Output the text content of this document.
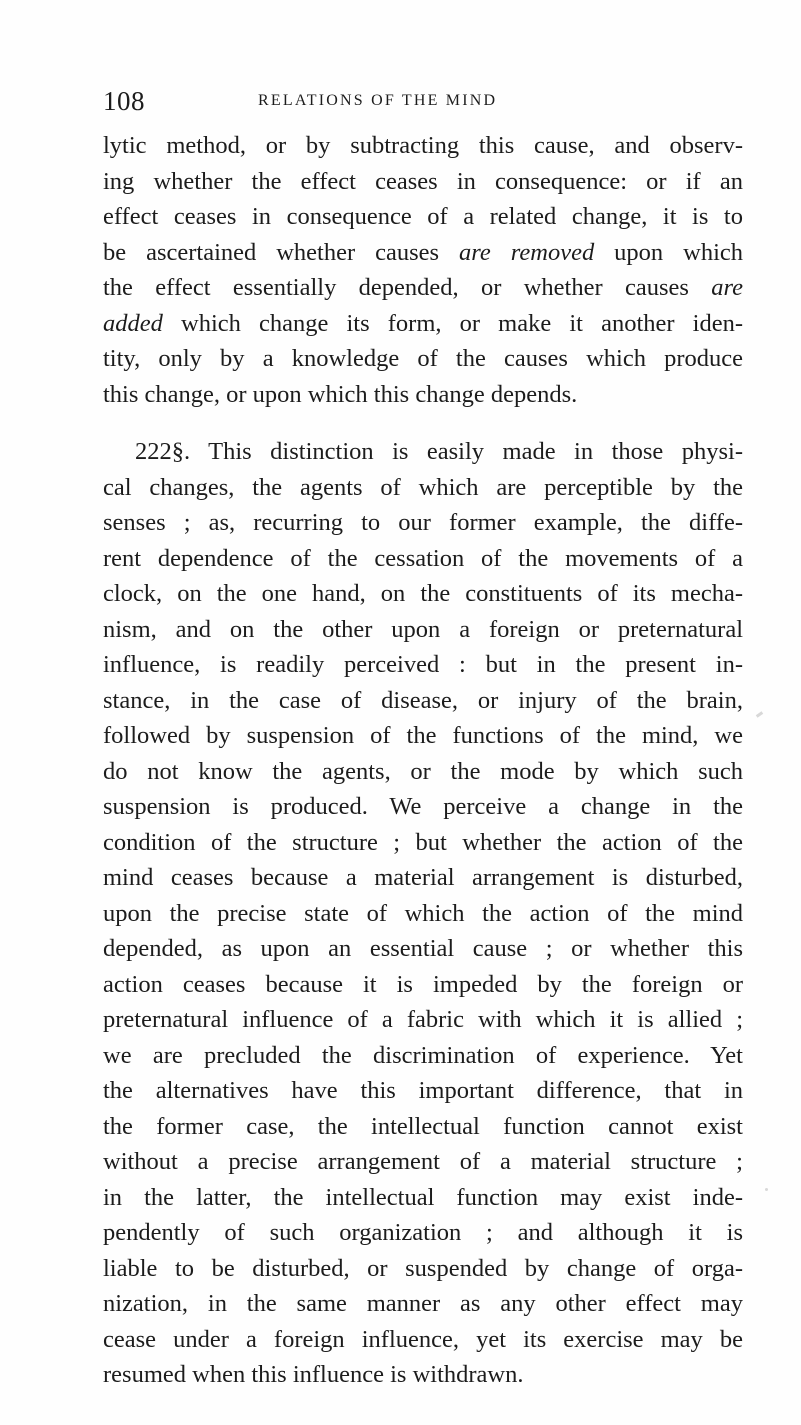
108	RELATIONS OF THE MIND
lytic method, or by subtracting this cause, and observ-
ing whether the effect ceases in consequence: or if an
effect ceases in consequence of a related change, it is to
be ascertained whether causes are removed upon which
the effect essentially depended, or whether causes are
added which change its form, or make it another iden-
tity, only by a knowledge of the causes which produce
this change, or upon which this change depends.
222§. This distinction is easily made in those physi-
cal changes, the agents of which are perceptible by the
senses ; as, recurring to our former example, the diffe-
rent dependence of the cessation of the movements of a
clock, on the one hand, on the constituents of its mecha-
nism, and on the other upon a foreign or preternatural
influence, is readily perceived : but in the present in-
stance, in the case of disease, or injury of the brain,
followed by suspension of the functions of the mind, we
do not know the agents, or the mode by which such
suspension is produced. We perceive a change in the
condition of the structure ; but whether the action of the
mind ceases because a material arrangement is disturbed,
upon the precise state of which the action of the mind
depended, as upon an essential cause ; or whether this
action ceases because it is impeded by the foreign or
preternatural influence of a fabric with which it is allied ;
we are precluded the discrimination of experience. Yet
the alternatives have this important difference, that in
the former case, the intellectual function cannot exist
without a precise arrangement of a material structure ;
in the latter, the intellectual function may exist inde-
pendently of such organization ; and although it is
liable to be disturbed, or suspended by change of orga-
nization, in the same manner as any other effect may
cease under a foreign influence, yet its exercise may be
resumed when this influence is withdrawn.
